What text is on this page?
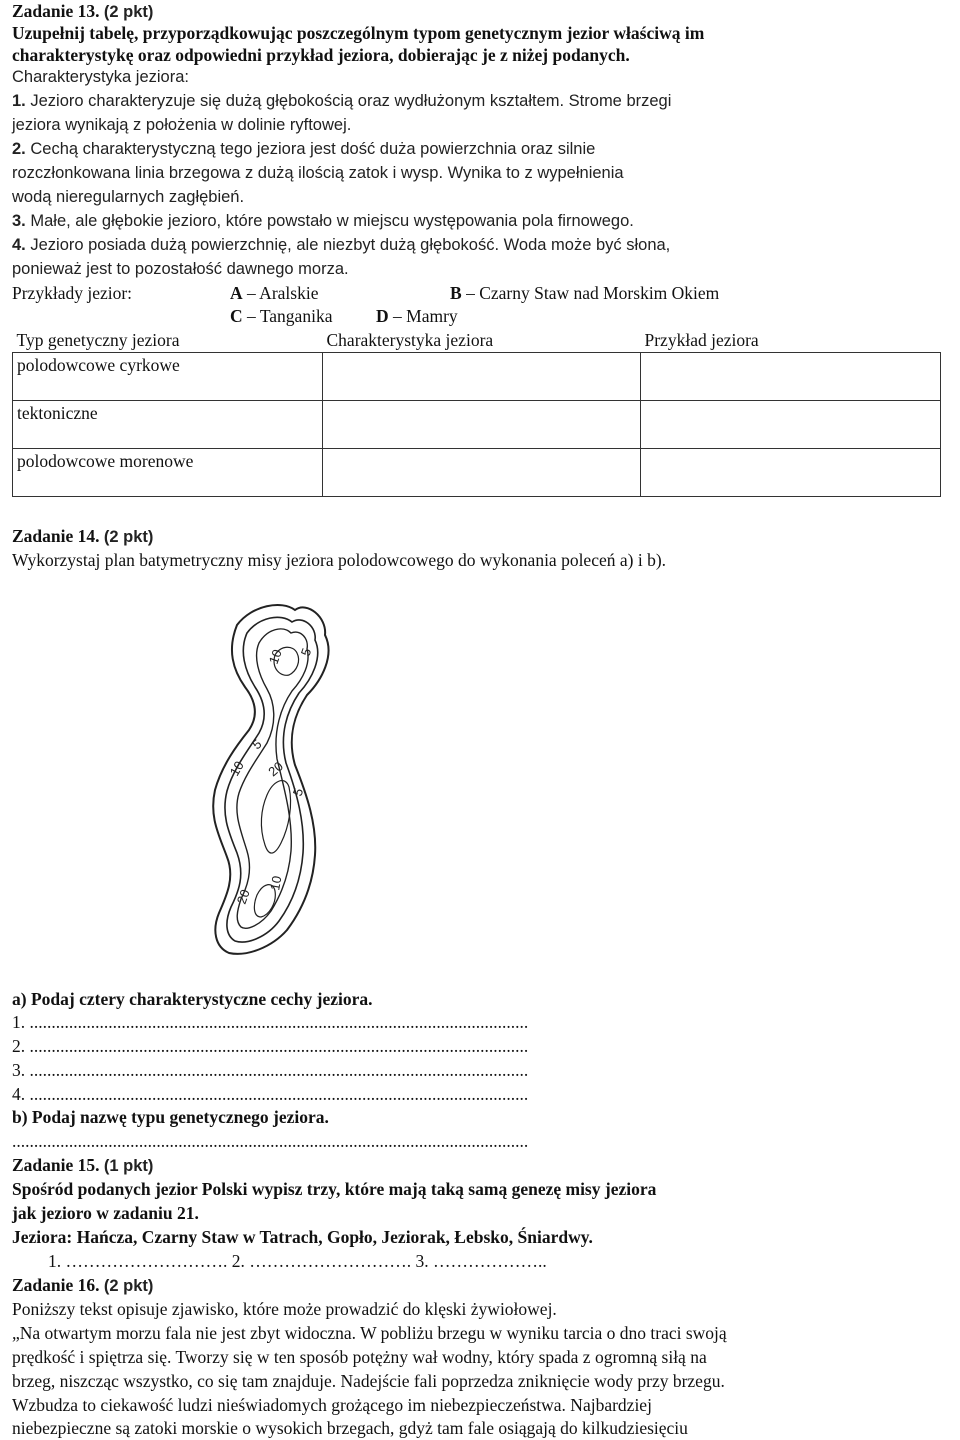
Zadanie 13. (2 pkt)
Uzupełnij tabelę, przyporządkowując poszczególnym typom genetycznym jezior właściwą im
charakterystykę oraz odpowiedni przykład jeziora, dobierając je z niżej podanych.
Charakterystyka jeziora:
1. Jezioro charakteryzuje się dużą głębokością oraz wydłużonym kształtem. Strome brzegi
jeziora wynikają z położenia w dolinie ryftowej.
2. Cechą charakterystyczną tego jeziora jest dość duża powierzchnia oraz silnie
rozczłonkowana linia brzegowa z dużą ilością zatok i wysp. Wynika to z wypełnienia
wodą nieregularnych zagłębień.
3. Małe, ale głębokie jezioro, które powstało w miejscu występowania pola firnowego.
4. Jezioro posiada dużą powierzchnię, ale niezbyt dużą głębokość. Woda może być słona,
ponieważ jest to pozostałość dawnego morza.
Przykłady jezior:	A – Aralskie	B – Czarny Staw nad Morskim Okiem
C – Tanganika D – Mamry
Typ genetyczny jeziora	Charakterystyka jeziora	Przykład jeziora
polodowcowe cyrkowe		
tektoniczne		
polodowcowe morenowe		
Zadanie 14. (2 pkt)
Wykorzystaj plan batymetryczny misy jeziora polodowcowego do wykonania poleceń a) i b).
10 5
5
10 20
5
10
20
a) Podaj cztery charakterystyczne cechy jeziora.
1. ..................................................................................................................
2. ..................................................................................................................
3. ..................................................................................................................
4. ..................................................................................................................
b) Podaj nazwę typu genetycznego jeziora.
......................................................................................................................
Zadanie 15. (1 pkt)
Spośród podanych jezior Polski wypisz trzy, które mają taką samą genezę misy jeziora
jak jezioro w zadaniu 21.
Jeziora: Hańcza, Czarny Staw w Tatrach, Gopło, Jeziorak, Łebsko, Śniardwy.
1. ………………………. 2. ………………………. 3. ………………..
Zadanie 16. (2 pkt)
Poniższy tekst opisuje zjawisko, które może prowadzić do klęski żywiołowej.
„Na otwartym morzu fala nie jest zbyt widoczna. W pobliżu brzegu w wyniku tarcia o dno traci swoją
prędkość i spiętrza się. Tworzy się w ten sposób potężny wał wodny, który spada z ogromną siłą na
brzeg, niszcząc wszystko, co się tam znajduje. Nadejście fali poprzedza zniknięcie wody przy brzegu.
Wzbudza to ciekawość ludzi nieświadomych grożącego im niebezpieczeństwa. Najbardziej
niebezpieczne są zatoki morskie o wysokich brzegach, gdyż tam fale osiągają do kilkudziesięciu
